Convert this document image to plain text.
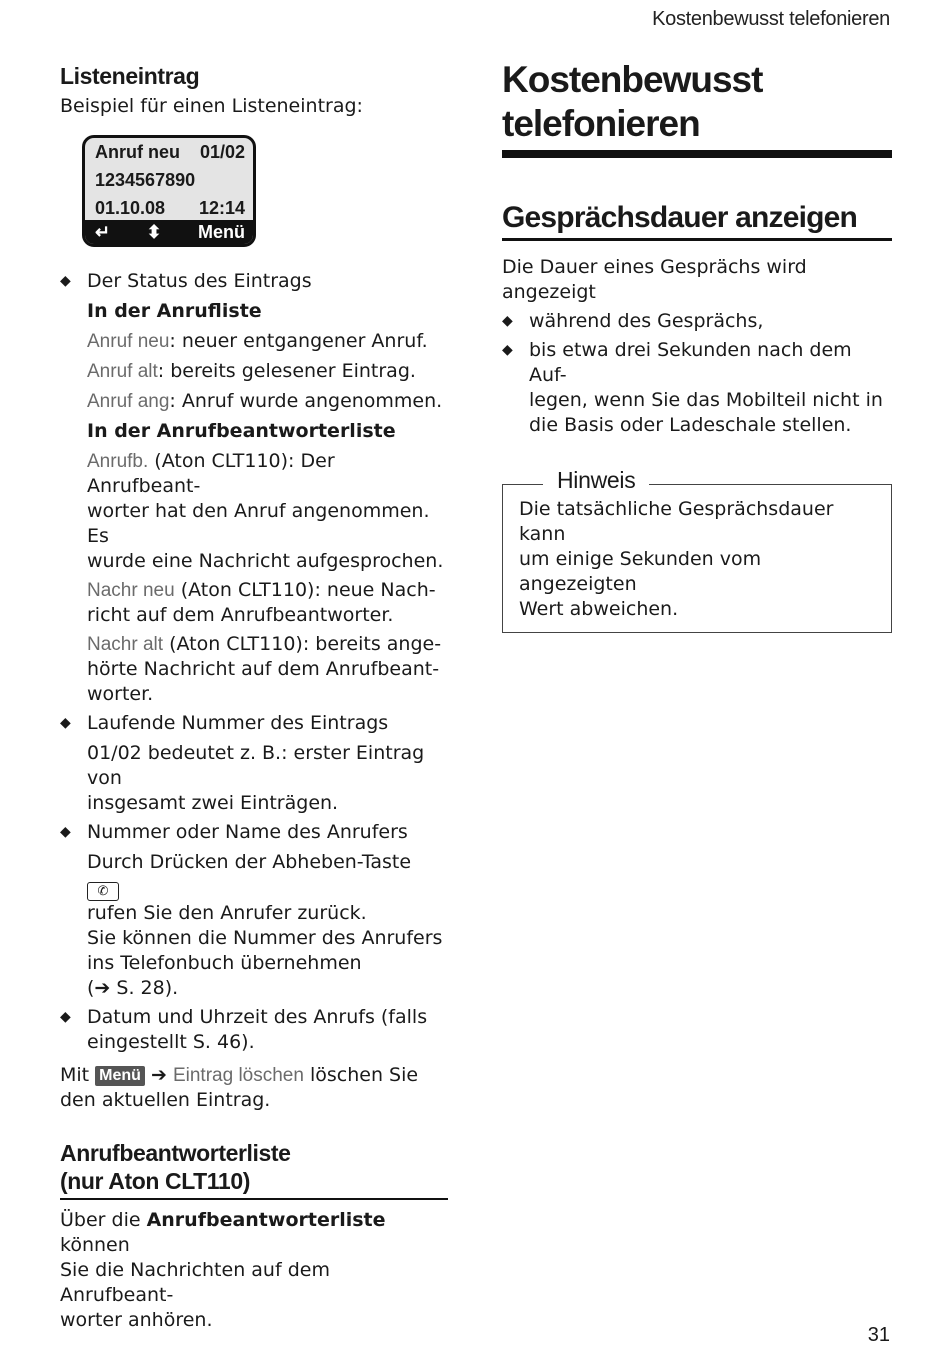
Kostenbewusst telefonieren
Listeneintrag

Beispiel für einen Listeneintrag:

Anruf neu 01/02
1234567890
01.10.08 12:14
↵ ⬍ Menü
◆ Der Status des Eintrags

In der Anrufliste

Anruf neu: neuer entgangener Anruf.

Anruf alt: bereits gelesener Eintrag.

Anruf ang: Anruf wurde angenommen.

In der Anrufbeantworterliste

Anrufb. (Aton CLT110): Der Anrufbeant-

worter hat den Anruf angenommen. Es

wurde eine Nachricht aufgesprochen.

Nachr neu (Aton CLT110): neue Nach-

richt auf dem Anrufbeantworter.

Nachr alt (Aton CLT110): bereits ange-

hörte Nachricht auf dem Anrufbeant-

worter.

◆ Laufende Nummer des Eintrags

01/02 bedeutet z. B.: erster Eintrag von

insgesamt zwei Einträgen.

◆ Nummer oder Name des Anrufers

Durch Drücken der Abheben-Taste ✆

rufen Sie den Anrufer zurück.

Sie können die Nummer des Anrufers

ins Telefonbuch übernehmen

(➔ S. 28).

◆ Datum und Uhrzeit des Anrufs (falls

eingestellt S. 46).

Mit Menü ➔ Eintrag löschen löschen Sie

den aktuellen Eintrag.

Anrufbeantworterliste
(nur Aton CLT110)

Über die Anrufbeantworterliste können

Sie die Nachrichten auf dem Anrufbeant-

worter anhören.

Kostenbewusst telefonieren
Gesprächsdauer anzeigen

Die Dauer eines Gesprächs wird angezeigt

◆ während des Gesprächs,

◆ bis etwa drei Sekunden nach dem Auf-

legen, wenn Sie das Mobilteil nicht in

die Basis oder Ladeschale stellen.

Hinweis

Die tatsächliche Gesprächsdauer kann

um einige Sekunden vom angezeigten

Wert abweichen.

31
